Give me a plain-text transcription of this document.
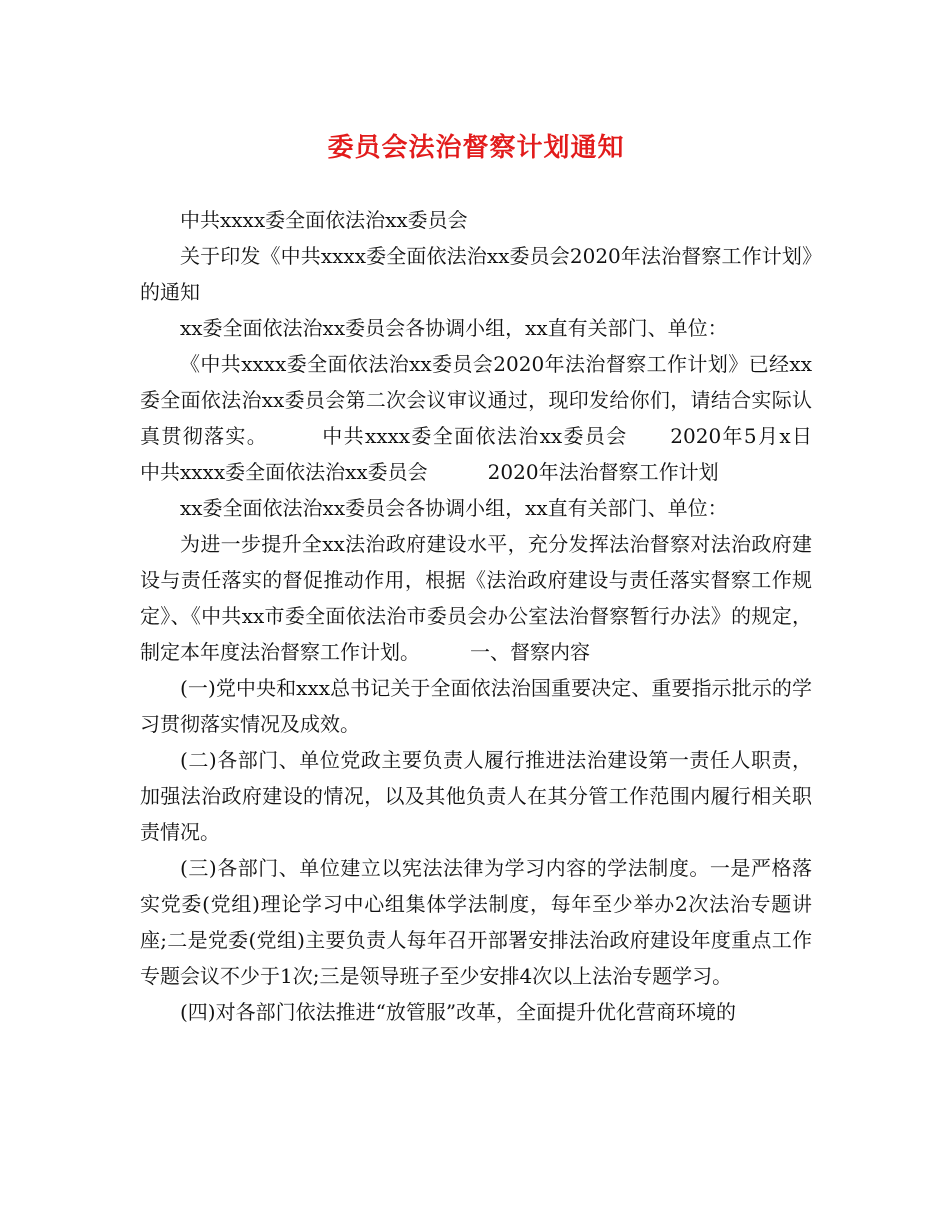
委员会法治督察计划通知

中共xxxx委全面依法治xx委员会

关于印发《中共xxxx委全面依法治xx委员会2020年法治督察工作计划》的通知

xx委全面依法治xx委员会各协调小组，xx直有关部门、单位：

《中共xxxx委全面依法治xx委员会2020年法治督察工作计划》已经xx委全面依法治xx委员会第二次会议审议通过，现印发给你们，请结合实际认真贯彻落实。　　　中共xxxx委全面依法治xx委员会　　2020年5月x日　　　中共xxxx委全面依法治xx委员会　　　2020年法治督察工作计划

xx委全面依法治xx委员会各协调小组，xx直有关部门、单位：

为进一步提升全xx法治政府建设水平，充分发挥法治督察对法治政府建设与责任落实的督促推动作用，根据《法治政府建设与责任落实督察工作规定》、《中共xx市委全面依法治市委员会办公室法治督察暂行办法》的规定，制定本年度法治督察工作计划。　　　一、督察内容

(一)党中央和xxx总书记关于全面依法治国重要决定、重要指示批示的学习贯彻落实情况及成效。

(二)各部门、单位党政主要负责人履行推进法治建设第一责任人职责，加强法治政府建设的情况，以及其他负责人在其分管工作范围内履行相关职责情况。

(三)各部门、单位建立以宪法法律为学习内容的学法制度。一是严格落实党委(党组)理论学习中心组集体学法制度，每年至少举办2次法治专题讲座;二是党委(党组)主要负责人每年召开部署安排法治政府建设年度重点工作专题会议不少于1次;三是领导班子至少安排4次以上法治专题学习。

(四)对各部门依法推进“放管服”改革，全面提升优化营商环境的
